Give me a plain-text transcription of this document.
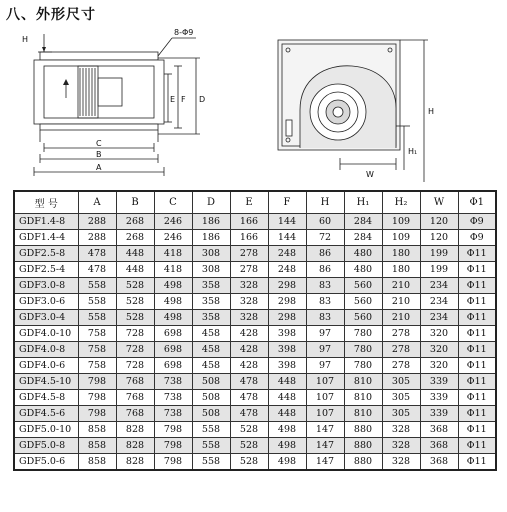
八、外形尺寸
H
8-Φ9
E F D
C
B
A
H
H₁
W
型 号	A	B	C	D	E	F	H	H₁	H₂	W	Φ1
GDF1.4-8	288	268	246	186	166	144	60	284	109	120	Φ9
GDF1.4-4	288	268	246	186	166	144	72	284	109	120	Φ9
GDF2.5-8	478	448	418	308	278	248	86	480	180	199	Φ11
GDF2.5-4	478	448	418	308	278	248	86	480	180	199	Φ11
GDF3.0-8	558	528	498	358	328	298	83	560	210	234	Φ11
GDF3.0-6	558	528	498	358	328	298	83	560	210	234	Φ11
GDF3.0-4	558	528	498	358	328	298	83	560	210	234	Φ11
GDF4.0-10	758	728	698	458	428	398	97	780	278	320	Φ11
GDF4.0-8	758	728	698	458	428	398	97	780	278	320	Φ11
GDF4.0-6	758	728	698	458	428	398	97	780	278	320	Φ11
GDF4.5-10	798	768	738	508	478	448	107	810	305	339	Φ11
GDF4.5-8	798	768	738	508	478	448	107	810	305	339	Φ11
GDF4.5-6	798	768	738	508	478	448	107	810	305	339	Φ11
GDF5.0-10	858	828	798	558	528	498	147	880	328	368	Φ11
GDF5.0-8	858	828	798	558	528	498	147	880	328	368	Φ11
GDF5.0-6	858	828	798	558	528	498	147	880	328	368	Φ11
